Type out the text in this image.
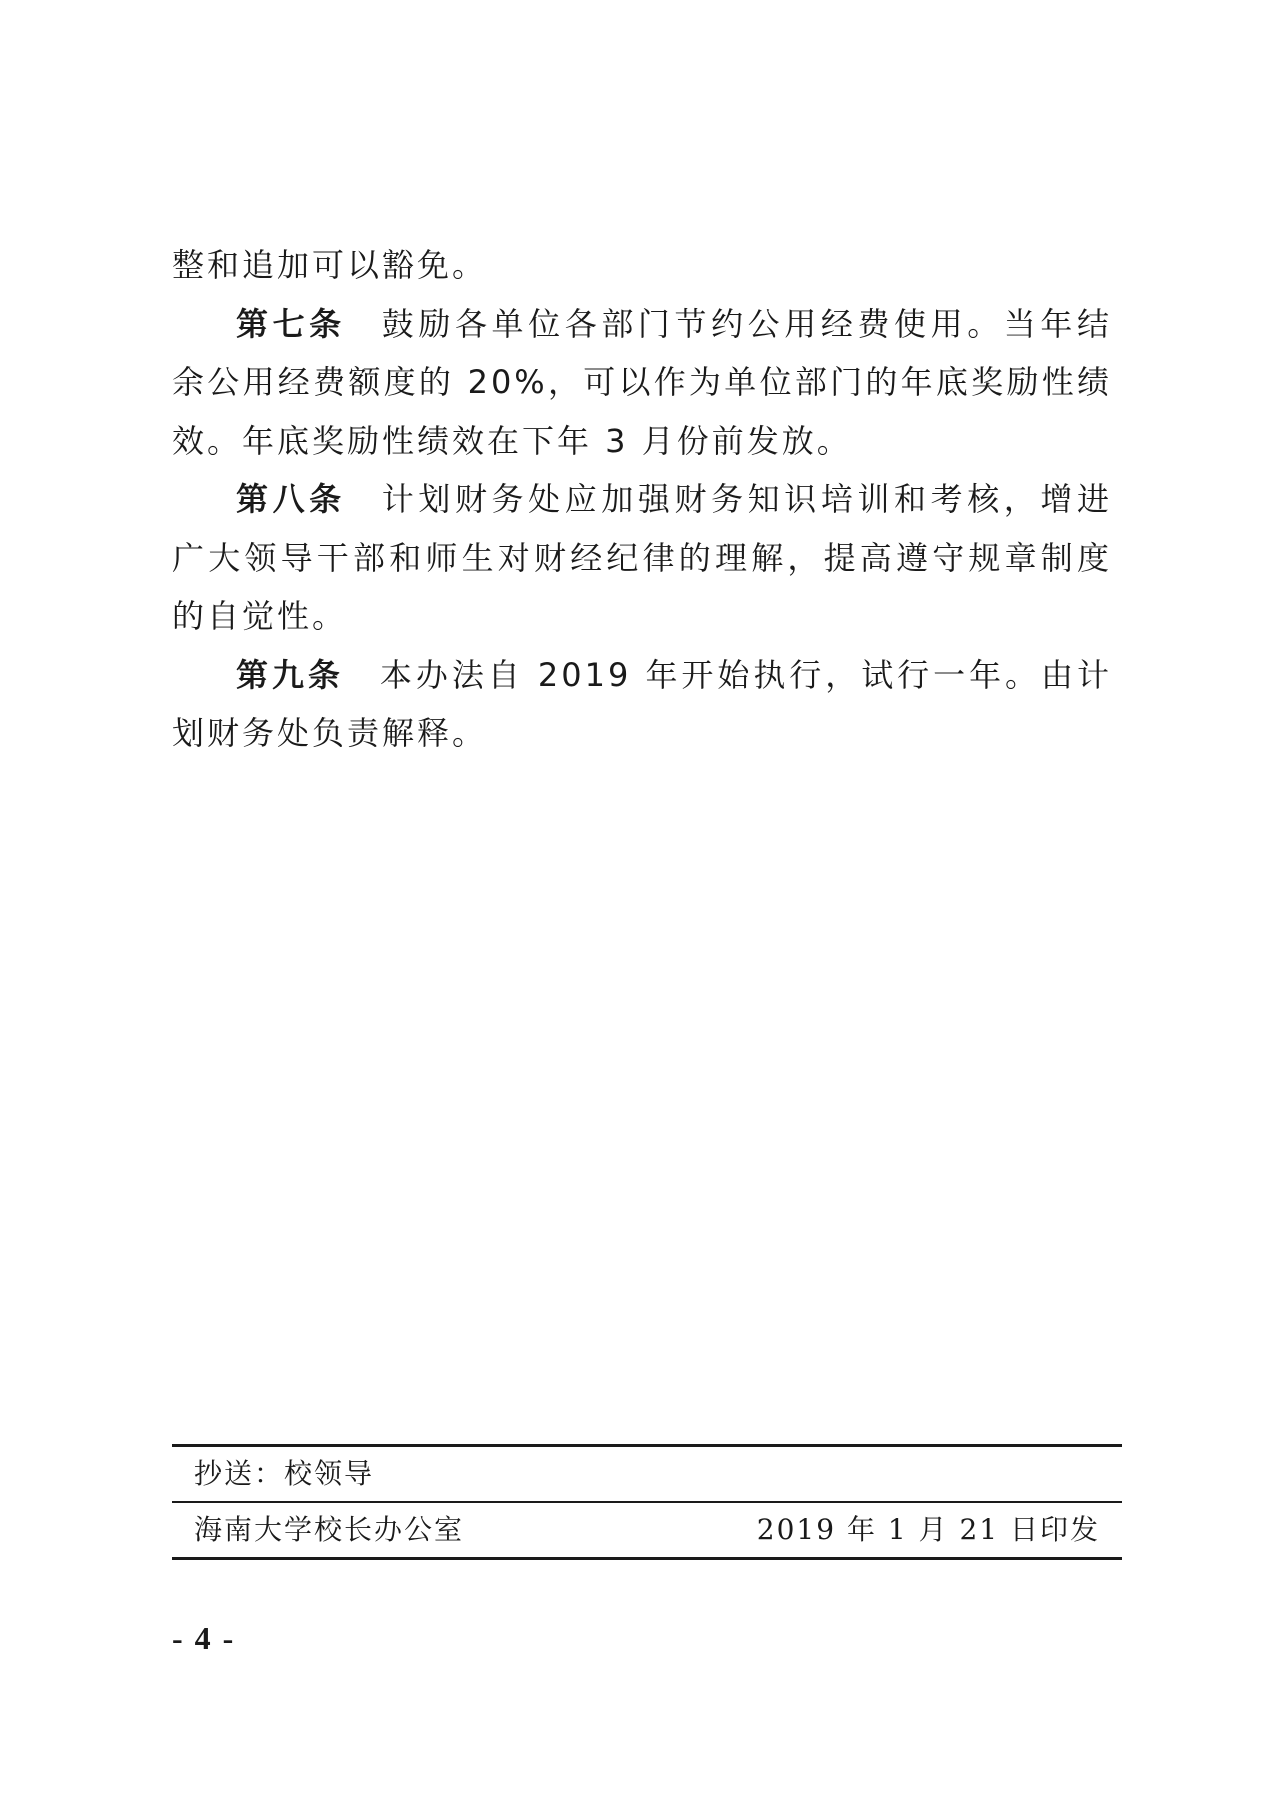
整和追加可以豁免。

第七条 鼓励各单位各部门节约公用经费使用。当年结余公用经费额度的 20%，可以作为单位部门的年底奖励性绩效。年底奖励性绩效在下年 3 月份前发放。

第八条 计划财务处应加强财务知识培训和考核，增进广大领导干部和师生对财经纪律的理解，提高遵守规章制度的自觉性。

第九条 本办法自 2019 年开始执行，试行一年。由计划财务处负责解释。

抄送：校领导
海南大学校长办公室	2019 年 1 月 21 日印发
- 4 -
